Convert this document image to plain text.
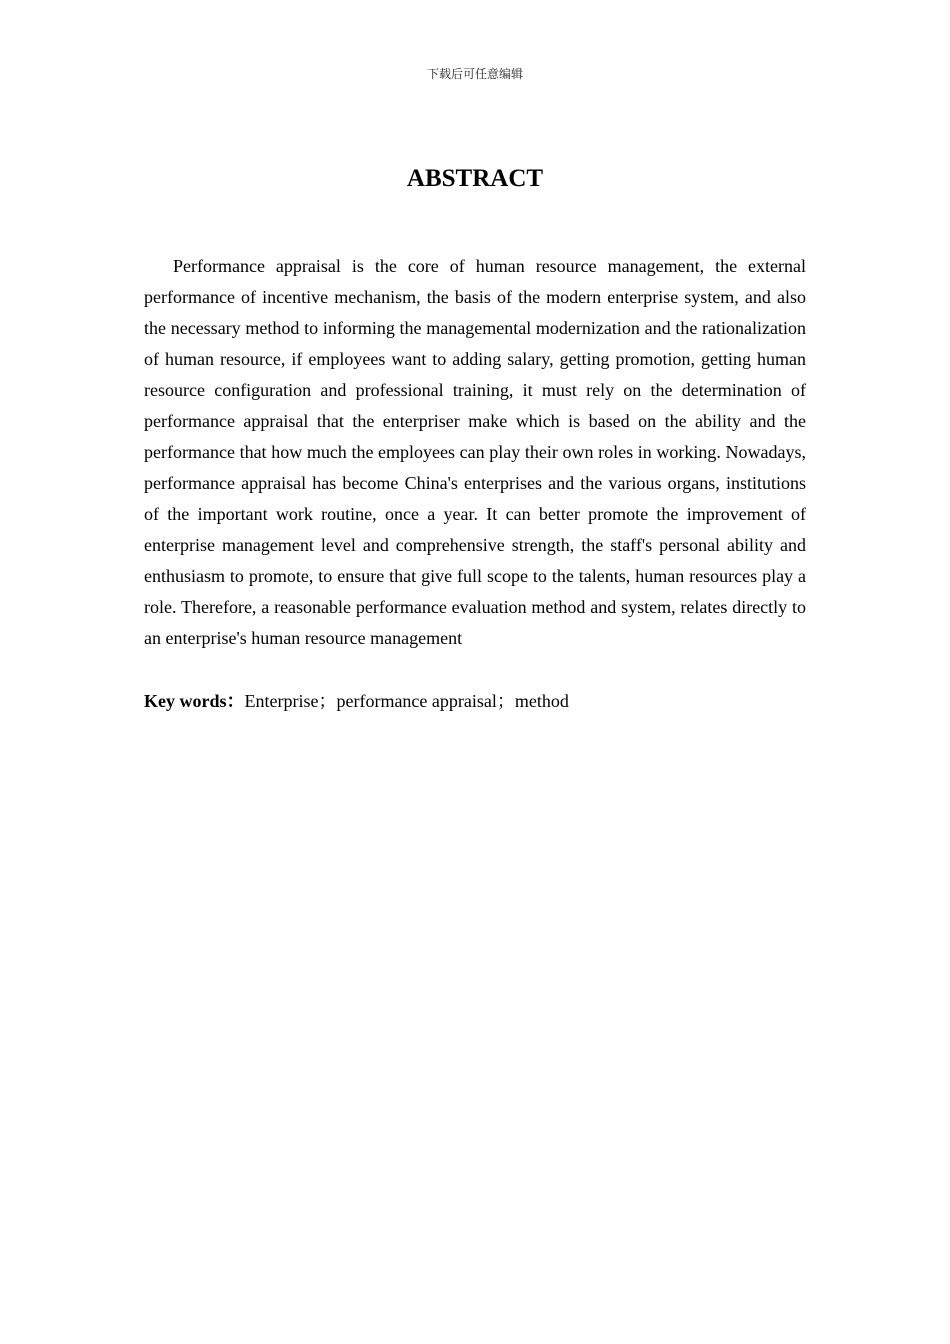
下载后可任意编辑
ABSTRACT

Performance appraisal is the core of human resource management, the external performance of incentive mechanism, the basis of the modern enterprise system, and also the necessary method to informing the managemental modernization and the rationalization of human resource, if employees want to adding salary, getting promotion, getting human resource configuration and professional training, it must rely on the determination of performance appraisal that the enterpriser make which is based on the ability and the performance that how much the employees can play their own roles in working. Nowadays, performance appraisal has become China's enterprises and the various organs, institutions of the important work routine, once a year. It can better promote the improvement of enterprise management level and comprehensive strength, the staff's personal ability and enthusiasm to promote, to ensure that give full scope to the talents, human resources play a role. Therefore, a reasonable performance evaluation method and system, relates directly to an enterprise's human resource management

Key words：Enterprise；performance appraisal；method
